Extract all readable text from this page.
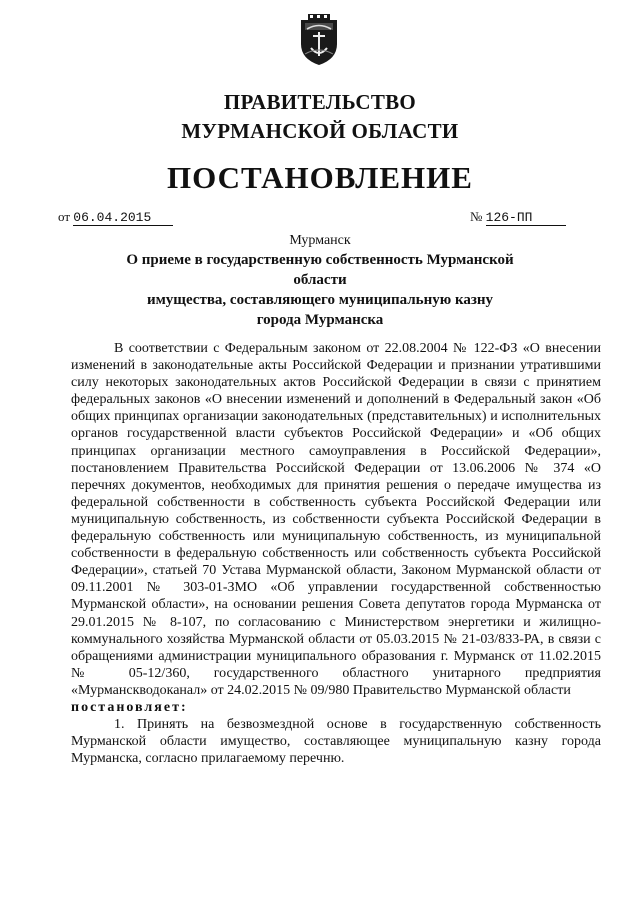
ПРАВИТЕЛЬСТВО
МУРМАНСКОЙ ОБЛАСТИ
ПОСТАНОВЛЕНИЕ
от 06.04.2015	№ 126-ПП
Мурманск
О приеме в государственную собственность Мурманской области
имущества, составляющего муниципальную казну
города Мурманска

В соответствии с Федеральным законом от 22.08.2004 № 122-ФЗ «О внесении изменений в законодательные акты Российской Федерации и признании утратившими силу некоторых законодательных актов Российской Федерации в связи с принятием федеральных законов «О внесении изменений и дополнений в Федеральный закон «Об общих принципах организации законодательных (представительных) и исполнительных органов государственной власти субъектов Российской Федерации» и «Об общих принципах организации местного самоуправления в Российской Федерации», постановлением Правительства Российской Федерации от 13.06.2006 № 374 «О перечнях документов, необходимых для принятия решения о передаче имущества из федеральной собственности в собственность субъекта Российской Федерации или муниципальную собственность, из собственности субъекта Российской Федерации в федеральную собственность или муниципальную собственность, из муниципальной собственности в федеральную собственность или собственность субъекта Российской Федерации», статьей 70 Устава Мурманской области, Законом Мурманской области от 09.11.2001 № 303-01-ЗМО «Об управлении государственной собственностью Мурманской области», на основании решения Совета депутатов города Мурманска от 29.01.2015 № 8-107, по согласованию с Министерством энергетики и жилищно-коммунального хозяйства Мурманской области от 05.03.2015 № 21-03/833-РА, в связи с обращениями администрации муниципального образования г. Мурманск от 11.02.2015 № 05-12/360, государственного областного унитарного предприятия «Мурманскводоканал» от 24.02.2015 № 09/980 Правительство Мурманской области

постановляет:

1. Принять на безвозмездной основе в государственную собственность Мурманской области имущество, составляющее муниципальную казну города Мурманска, согласно прилагаемому перечню.
